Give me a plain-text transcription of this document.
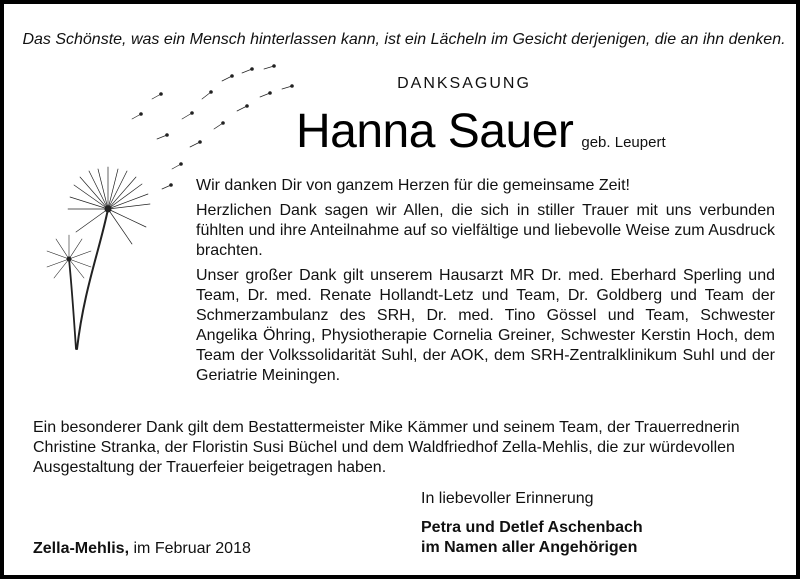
Das Schönste, was ein Mensch hinterlassen kann, ist ein Lächeln im Gesicht derjenigen, die an ihn denken.
DANKSAGUNG
Hanna Sauer geb. Leupert

Wir danken Dir von ganzem Herzen für die gemeinsame Zeit!

Herzlichen Dank sagen wir Allen, die sich in stiller Trauer mit uns verbunden fühlten und ihre Anteilnahme auf so vielfältige und liebevolle Weise zum Ausdruck brachten.

Unser großer Dank gilt unserem Hausarzt MR Dr. med. Eberhard Sperling und Team, Dr. med. Renate Hollandt-Letz und Team, Dr. Goldberg und Team der Schmerzambulanz des SRH, Dr. med. Tino Gössel und Team, Schwester Angelika Öhring, Physiotherapie Cornelia Greiner, Schwester Kerstin Hoch, dem Team der Volkssolidarität Suhl, der AOK, dem SRH-Zentralklinikum Suhl und der Geriatrie Meiningen.

Ein besonderer Dank gilt dem Bestattermeister Mike Kämmer und seinem Team, der Trauerrednerin Christine Stranka, der Floristin Susi Büchel und dem Waldfriedhof Zella-Mehlis, die zur würdevollen Ausgestaltung der Trauerfeier beigetragen haben.
In liebevoller Erinnerung
Petra und Detlef Aschenbach
im Namen aller Angehörigen
Zella-Mehlis, im Februar 2018
